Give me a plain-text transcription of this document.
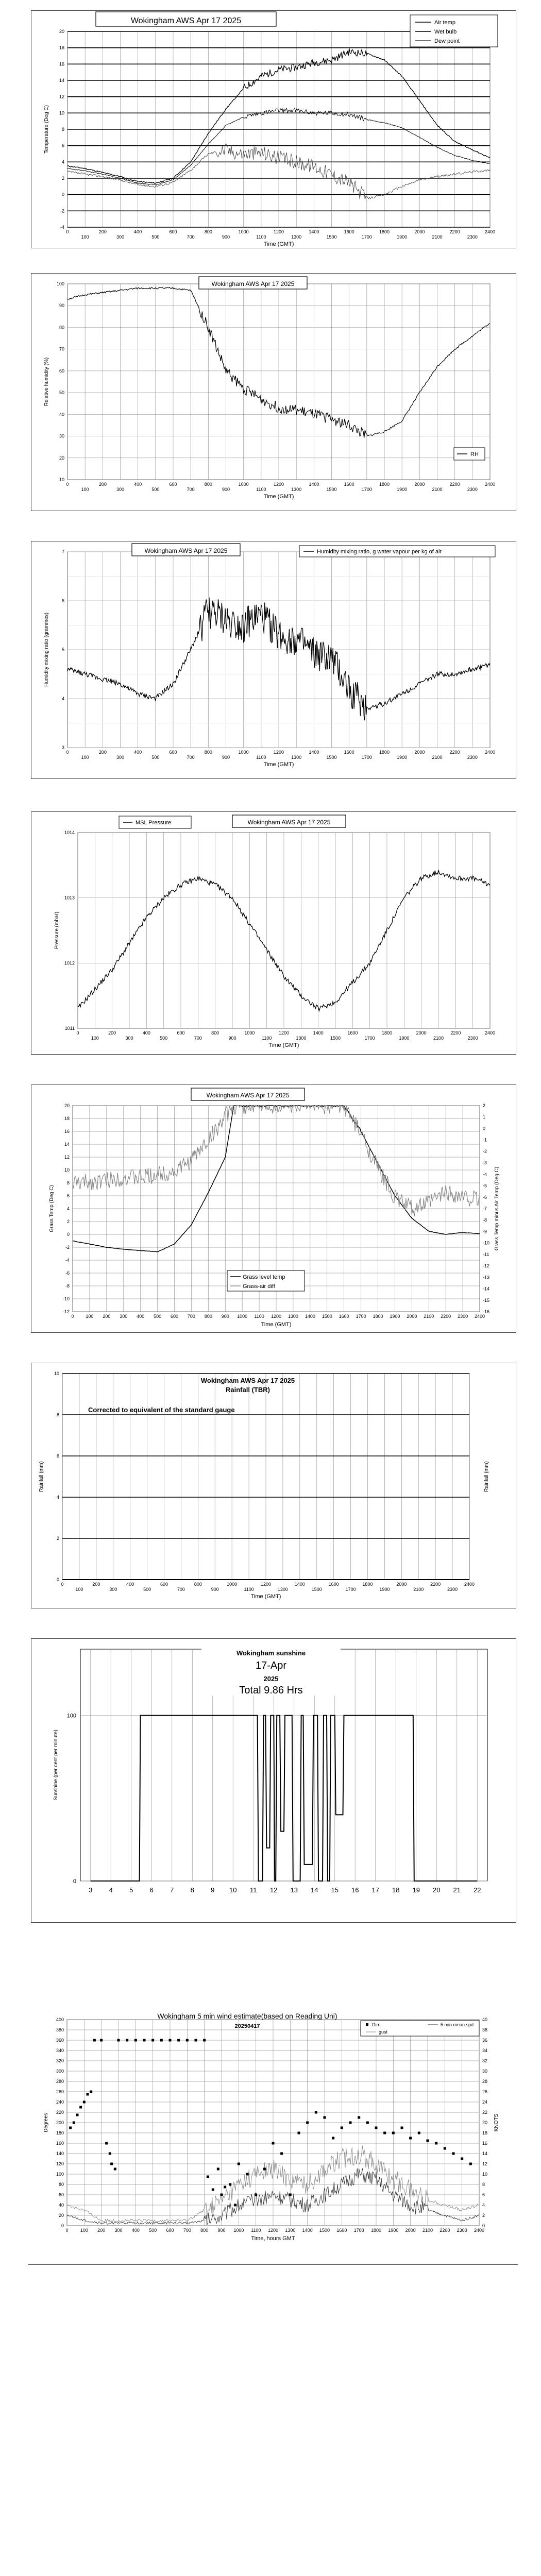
0
100
200
300
400
500
600
700
800
900
1000
1100
1200
1300
1400
1500
1600
1700
1800
1900
2000
2100
2200
2300
2400
-4
-2
0
2
4
6
8
10
12
14
16
18
20
Time (GMT)
Temperature (Deg C)
Wokingham AWS Apr 17 2025	Air temp
Wet bulb
Dew point
0
100
200
300
400
500
600
700
800
900
1000
1100
1200
1300
1400
1500
1600
1700
1800
1900
2000
2100
2200
2300
2400
10
20
30
40
50
60
70
80
90
100
Time (GMT)
Relative humidity (%)
Wokingham AWS Apr 17 2025
RH
0
100
200
300
400
500
600
700
800
900
1000
1100
1200
1300
1400
1500
1600
1700
1800
1900
2000
2100
2200
2300
2400
3
4
5
6
7
Time (GMT)
Humidity mixing ratio (grammes)
Wokingham AWS Apr 17 2025	Humidity mixing ratio, g water vapour per kg of air
0
100
200
300
400
500
600
700
800
900
1000
1100
1200
1300
1400
1500
1600
1700
1800
1900
2000
2100
2200
2300
2400
1011
1012
1013
1014
Time (GMT)
Pressure (mbar)
MSL Pressure	Wokingham AWS Apr 17 2025
0	100 200 300 400 500 600 700 800 900 1000 1100 1200 1300 1400 1500 1600 1700 1800 1900 2000 2100 2200 2300 2400
-12
-10
-8
-6
-4
-2
0
2
4
6
8
10
12
14
16
18
20
-16
-15
-14
-13
-12
-11
-10
-9
-8
-7
-6
-5
-4
-3
-2
-1
0
1
2
Time (GMT)
Grass Temp (Deg C)	Grass Temp minus Air Temp (Deg C)
Wokingham AWS Apr 17 2025
Grass level temp
Grass-air diff
0
100
200
300
400
500
600
700
800
900
1000
1100
1200
1300
1400
1500
1600
1700
1800
1900
2000
2100
2200
2300
2400
0
2
4
6
8
10
Time (GMT)
Rainfall (mm)	Rainfall (mm)
Wokingham AWS Apr 17 2025
Rainfall (TBR)
Corrected to equivalent of the standard gauge
3 4 5 6 7 8 9 10 11 12 13 14 15 16 17 18 19 20 21 22
0
100
Sunshine (per cent per minute)
Wokingham sunshine
17-Apr
2025
Total 9.86 Hrs
0	100 200 300 400 500 600 700 800 900 1000 1100 1200 1300 1400 1500 1600 1700 1800 1900 2000 2100 2200 2300 2400
0
20
40
60
80
100
120
140
160
180
200
220
240
260
280
300
320
340
360
380
400
0
2
4
6
8
10
12
14
16
18
20
22
24
26
28
30
32
34
36
38
40
Time, hours GMT
Degrees	KNOTS
Wokingham 5 min wind estimate(based on Reading Uni)
20250417	Dirn	5 min mean spd
gust
